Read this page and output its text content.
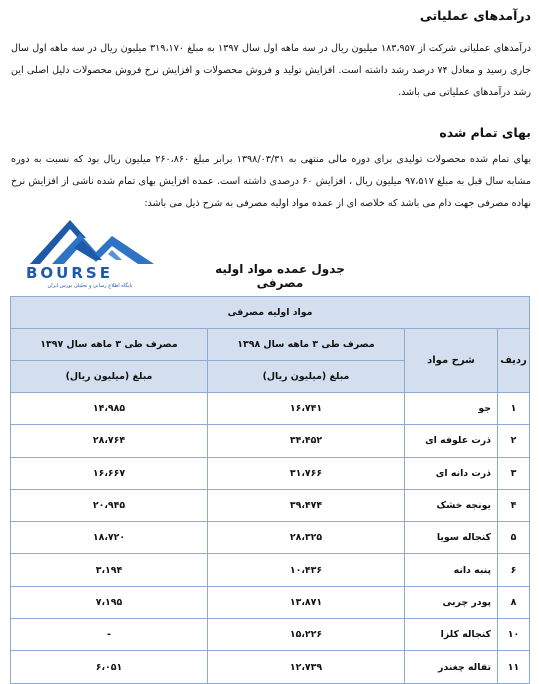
درآمدهای عملیاتی
درآمدهای عملیاتی شرکت از ۱۸۳،۹۵۷ میلیون ریال در سه ماهه اول سال ۱۳۹۷ به مبلغ ۳۱۹،۱۷۰ میلیون ریال در سه ماهه اول سال جاری رسید و معادل ۷۴ درصد رشد داشته است. افزایش تولید و فروش محصولات و افزایش نرخ فروش محصولات دلیل اصلی این رشد درآمدهای عملیاتی می باشد.
بهای تمام شده
بهای تمام شده محصولات تولیدی برای دوره مالی منتهی به ۱۳۹۸/۰۳/۳۱ برابر مبلغ ۲۶۰،۸۶۰ میلیون ریال بود که نسبت به دوره مشابه سال قبل به مبلغ ۹۷،۵۱۷ میلیون ریال ، افزایش ۶۰ درصدی داشته است. عمده افزایش بهای تمام شده ناشی از افزایش نرخ نهاده مصرفی جهت دام می باشد که خلاصه ای از عمده مواد اولیه مصرفی به شرح ذیل می باشد:
BOURSE
پایگاه اطلاع رسانی و تحلیلی بورس ایران
جدول عمده مواد اولیه مصرفی
مواد اولیه مصرفی			
ردیف	شرح مواد	مصرف طی ۳ ماهه سال ۱۳۹۸	مصرف طی ۳ ماهه سال ۱۳۹۷
		مبلغ (میلیون ریال)	مبلغ (میلیون ریال)
۱	جو	۱۶،۷۴۱	۱۴،۹۸۵
۲	ذرت علوفه ای	۳۴،۴۵۲	۲۸،۷۶۴
۳	ذرت دانه ای	۳۱،۷۶۶	۱۶،۶۶۷
۴	یونجه خشک	۳۹،۴۷۴	۲۰،۹۴۵
۵	کنجاله سویا	۲۸،۳۲۵	۱۸،۷۲۰
۶	پنبه دانه	۱۰،۴۳۶	۳،۱۹۴
۸	پودر چربی	۱۳،۸۷۱	۷،۱۹۵
۱۰	کنجاله کلزا	۱۵،۲۲۶	-
۱۱	تفاله چغندر	۱۲،۷۳۹	۶،۰۵۱
